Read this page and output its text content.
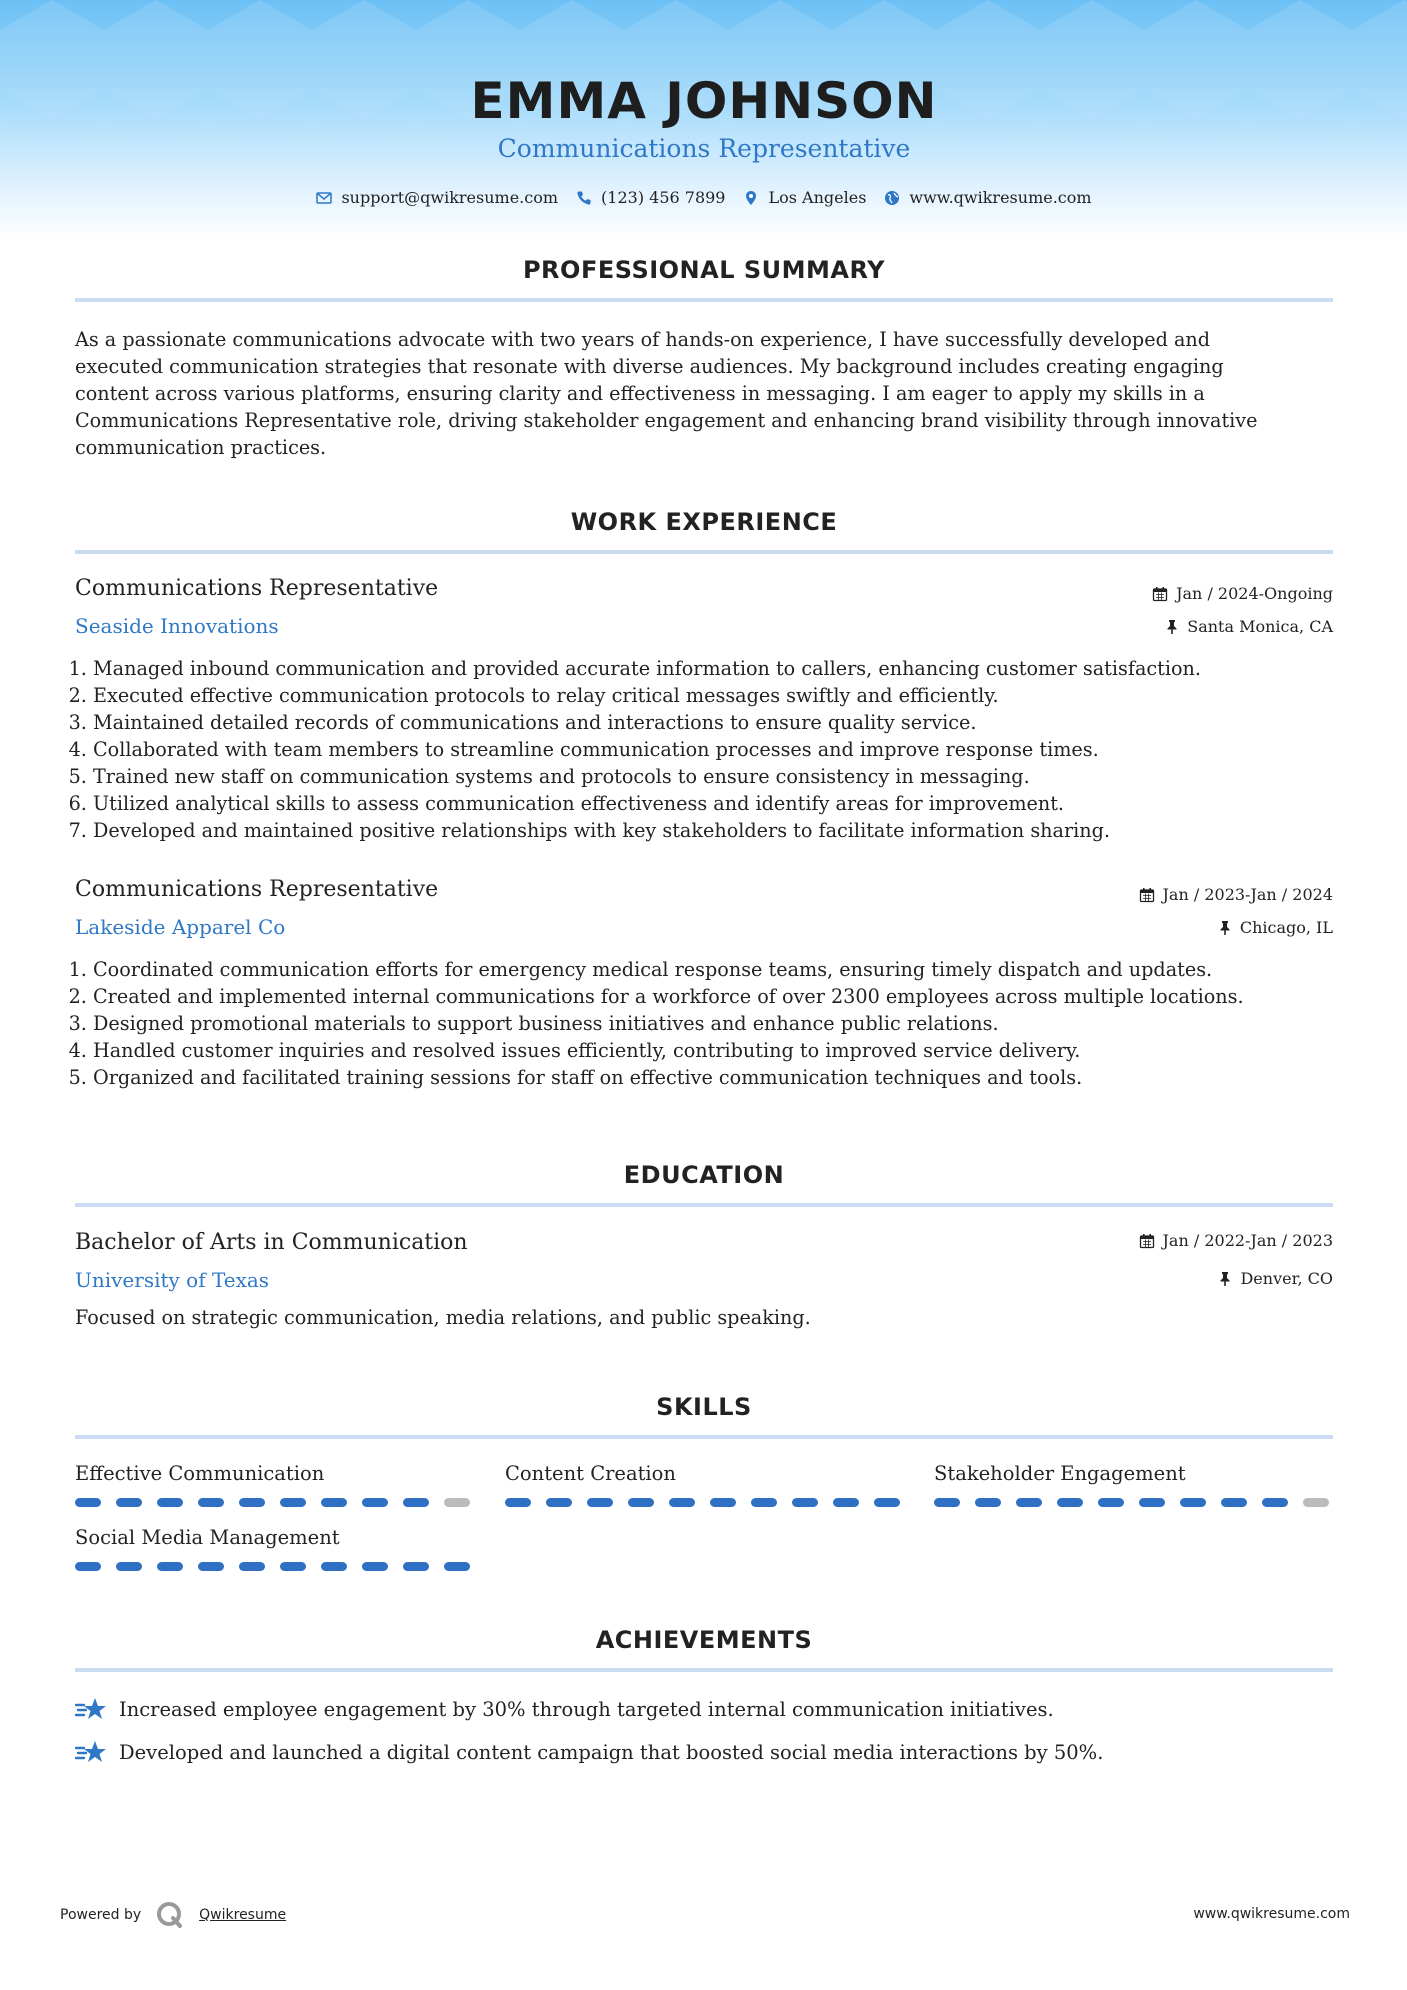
EMMA JOHNSON
Communications Representative
support@qwikresume.com	(123) 456 7899	Los Angeles	www.qwikresume.com
PROFESSIONAL SUMMARY
As a passionate communications advocate with two years of hands-on experience, I have successfully developed and
executed communication strategies that resonate with diverse audiences. My background includes creating engaging
content across various platforms, ensuring clarity and effectiveness in messaging. I am eager to apply my skills in a
Communications Representative role, driving stakeholder engagement and enhancing brand visibility through innovative
communication practices.
WORK EXPERIENCE
Communications Representative
Seaside Innovations
Jan / 2024-Ongoing
Santa Monica, CA
1. Managed inbound communication and provided accurate information to callers, enhancing customer satisfaction.
2. Executed effective communication protocols to relay critical messages swiftly and efficiently.
3. Maintained detailed records of communications and interactions to ensure quality service.
4. Collaborated with team members to streamline communication processes and improve response times.
5. Trained new staff on communication systems and protocols to ensure consistency in messaging.
6. Utilized analytical skills to assess communication effectiveness and identify areas for improvement.
7. Developed and maintained positive relationships with key stakeholders to facilitate information sharing.
Communications Representative
Lakeside Apparel Co
Jan / 2023-Jan / 2024
Chicago, IL
1. Coordinated communication efforts for emergency medical response teams, ensuring timely dispatch and updates.
2. Created and implemented internal communications for a workforce of over 2300 employees across multiple locations.
3. Designed promotional materials to support business initiatives and enhance public relations.
4. Handled customer inquiries and resolved issues efficiently, contributing to improved service delivery.
5. Organized and facilitated training sessions for staff on effective communication techniques and tools.
EDUCATION
Bachelor of Arts in Communication
University of Texas
Jan / 2022-Jan / 2023
Denver, CO
Focused on strategic communication, media relations, and public speaking.
SKILLS
Effective Communication	Content Creation	Stakeholder Engagement
Social Media Management
ACHIEVEMENTS
Increased employee engagement by 30% through targeted internal communication initiatives.
Developed and launched a digital content campaign that boosted social media interactions by 50%.
Powered by	Qwikresume	www.qwikresume.com
